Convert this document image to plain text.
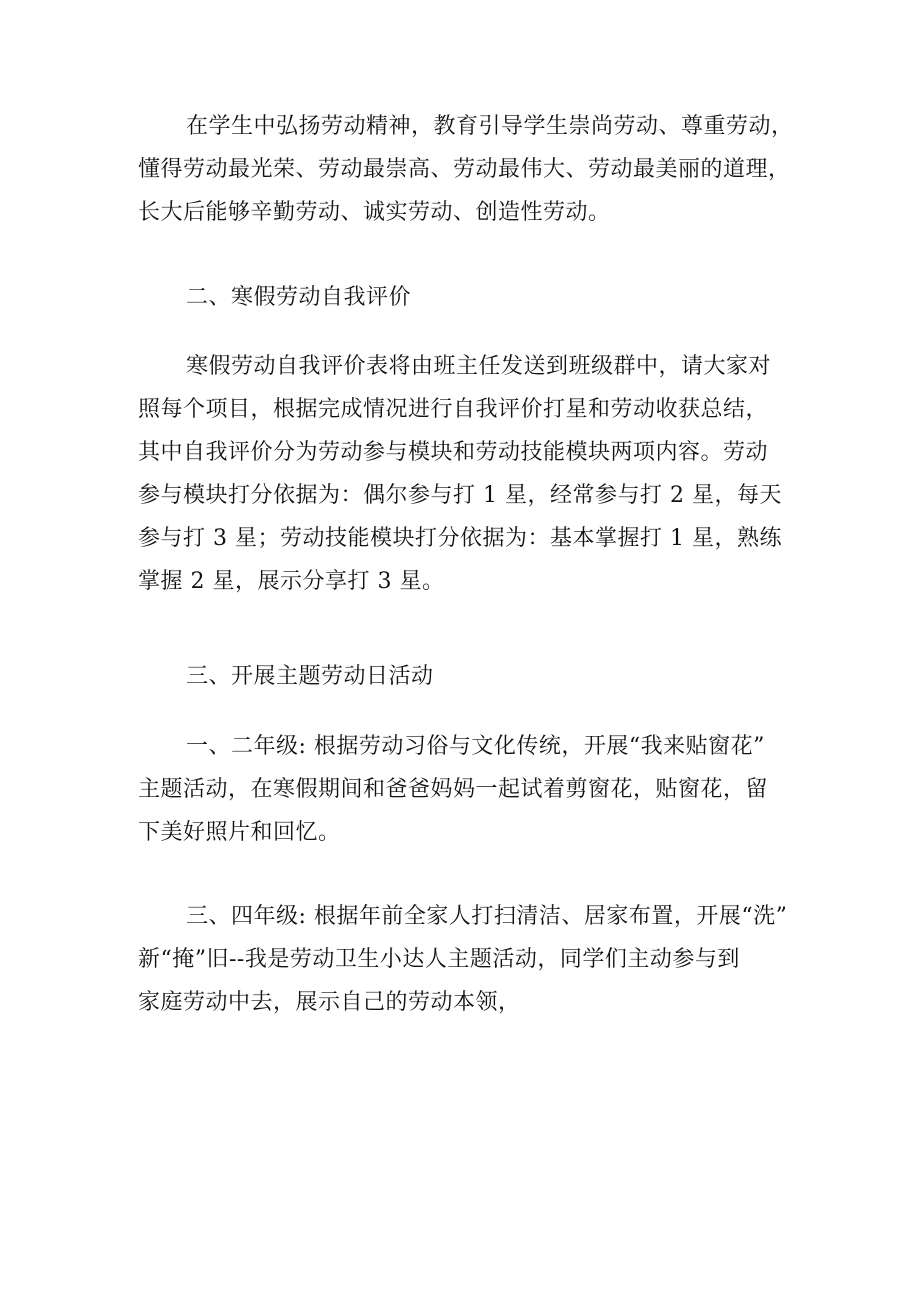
在学生中弘扬劳动精神，教育引导学生崇尚劳动、尊重劳动，
懂得劳动最光荣、劳动最崇高、劳动最伟大、劳动最美丽的道理，
长大后能够辛勤劳动、诚实劳动、创造性劳动。

二、寒假劳动自我评价

寒假劳动自我评价表将由班主任发送到班级群中，请大家对
照每个项目，根据完成情况进行自我评价打星和劳动收获总结，
其中自我评价分为劳动参与模块和劳动技能模块两项内容。劳动
参与模块打分依据为：偶尔参与打 1 星，经常参与打 2 星，每天
参与打 3 星；劳动技能模块打分依据为：基本掌握打 1 星，熟练
掌握 2 星，展示分享打 3 星。

三、开展主题劳动日活动

一、二年级: 根据劳动习俗与文化传统，开展“我来贴窗花”
主题活动，在寒假期间和爸爸妈妈一起试着剪窗花，贴窗花，留
下美好照片和回忆。

三、四年级: 根据年前全家人打扫清洁、居家布置，开展“洗”
新“掩”旧--我是劳动卫生小达人主题活动，同学们主动参与到
家庭劳动中去，展示自己的劳动本领，
